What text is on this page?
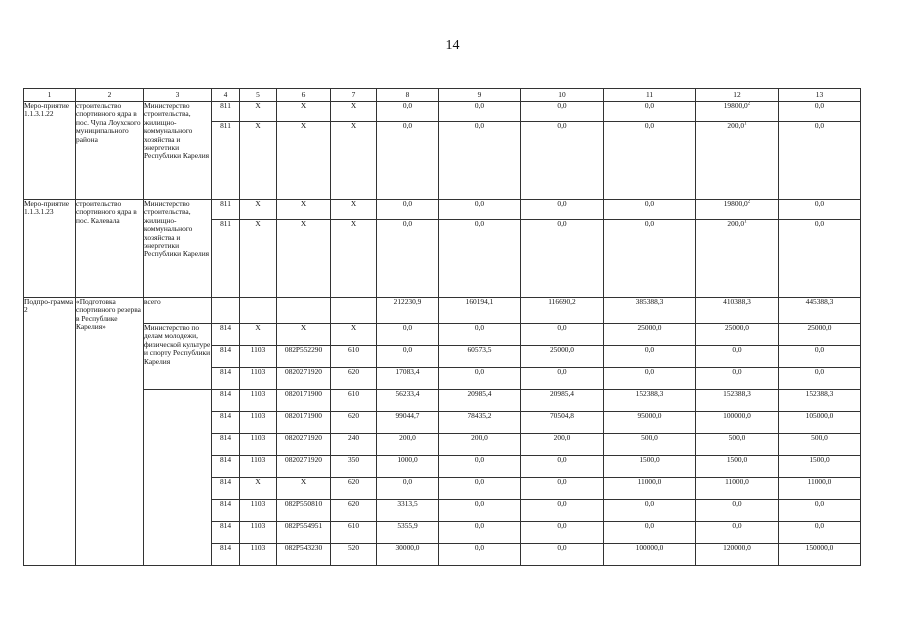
14
1	2	3	4	5	6	7	8	9	10	11	12	13
Меро-приятие 1.1.3.1.22	строительство спортивного ядра в пос. Чупа Лоухского муниципального района	Министерство строительства, жилищно-коммунального хозяйства и энергетики Республики Карелия	811	X	X	X	0,0	0,0	0,0	0,0	19800,0$^2$	0,0
			811	X	X	X	0,0	0,0	0,0	0,0	200,0$^1$	0,0
Меро-приятие 1.1.3.1.23	строительство спортивного ядра в пос. Калевала	Министерство строительства, жилищно-коммунального хозяйства и энергетики Республики Карелия	811	X	X	X	0,0	0,0	0,0	0,0	19800,0$^2$	0,0
			811	X	X	X	0,0	0,0	0,0	0,0	200,0$^1$	0,0
Подпро-грамма 2	«Подготовка спортивного резерва в Республике Карелия»	всего					212230,9	160194,1	116690,2	385388,3	410388,3	445388,3
		Министерство по делам молодежи, физической культуре и спорту Республики Карелия	814	X	X	X	0,0	0,0	0,0	25000,0	25000,0	25000,0
			814	1103	082P552290	610	0,0	60573,5	25000,0	0,0	0,0	0,0
			814	1103	0820271920	620	17083,4	0,0	0,0	0,0	0,0	0,0
			814	1103	0820171900	610	56233,4	20985,4	20985,4	152388,3	152388,3	152388,3
			814	1103	0820171900	620	99044,7	78435,2	70504,8	95000,0	100000,0	105000,0
			814	1103	0820271920	240	200,0	200,0	200,0	500,0	500,0	500,0
			814	1103	0820271920	350	1000,0	0,0	0,0	1500,0	1500,0	1500,0
			814	X	X	620	0,0	0,0	0,0	11000,0	11000,0	11000,0
			814	1103	082P550810	620	3313,5	0,0	0,0	0,0	0,0	0,0
			814	1103	082P554951	610	5355,9	0,0	0,0	0,0	0,0	0,0
			814	1103	082P543230	520	30000,0	0,0	0,0	100000,0	120000,0	150000,0
